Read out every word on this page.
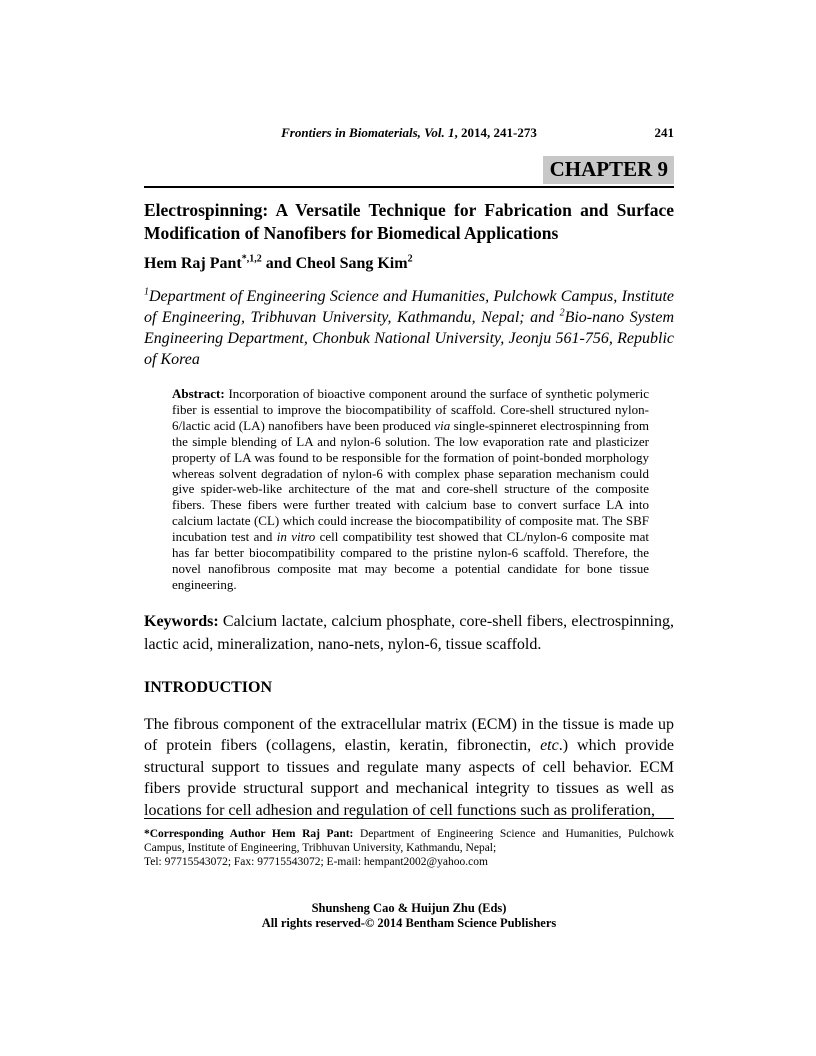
Frontiers in Biomaterials, Vol. 1, 2014, 241-273	241
CHAPTER 9
Electrospinning: A Versatile Technique for Fabrication and Surface Modification of Nanofibers for Biomedical Applications
Hem Raj Pant$^{*,1,2}$ and Cheol Sang Kim$^2$

$^1$Department of Engineering Science and Humanities, Pulchowk Campus, Institute of Engineering, Tribhuvan University, Kathmandu, Nepal; and $^2$Bio-nano System Engineering Department, Chonbuk National University, Jeonju 561-756, Republic of Korea

Abstract: Incorporation of bioactive component around the surface of synthetic polymeric fiber is essential to improve the biocompatibility of scaffold. Core-shell structured nylon-6/lactic acid (LA) nanofibers have been produced via single-spinneret electrospinning from the simple blending of LA and nylon-6 solution. The low evaporation rate and plasticizer property of LA was found to be responsible for the formation of point-bonded morphology whereas solvent degradation of nylon-6 with complex phase separation mechanism could give spider-web-like architecture of the mat and core-shell structure of the composite fibers. These fibers were further treated with calcium base to convert surface LA into calcium lactate (CL) which could increase the biocompatibility of composite mat. The SBF incubation test and in vitro cell compatibility test showed that CL/nylon-6 composite mat has far better biocompatibility compared to the pristine nylon-6 scaffold. Therefore, the novel nanofibrous composite mat may become a potential candidate for bone tissue engineering.

Keywords: Calcium lactate, calcium phosphate, core-shell fibers, electrospinning, lactic acid, mineralization, nano-nets, nylon-6, tissue scaffold.

INTRODUCTION

The fibrous component of the extracellular matrix (ECM) in the tissue is made up of protein fibers (collagens, elastin, keratin, fibronectin, etc.) which provide structural support to tissues and regulate many aspects of cell behavior. ECM fibers provide structural support and mechanical integrity to tissues as well as locations for cell adhesion and regulation of cell functions such as proliferation,

*Corresponding Author Hem Raj Pant: Department of Engineering Science and Humanities, Pulchowk Campus, Institute of Engineering, Tribhuvan University, Kathmandu, Nepal;

Tel: 97715543072; Fax: 97715543072; E-mail: hempant2002@yahoo.com

Shunsheng Cao & Huijun Zhu (Eds)
All rights reserved-© 2014 Bentham Science Publishers
